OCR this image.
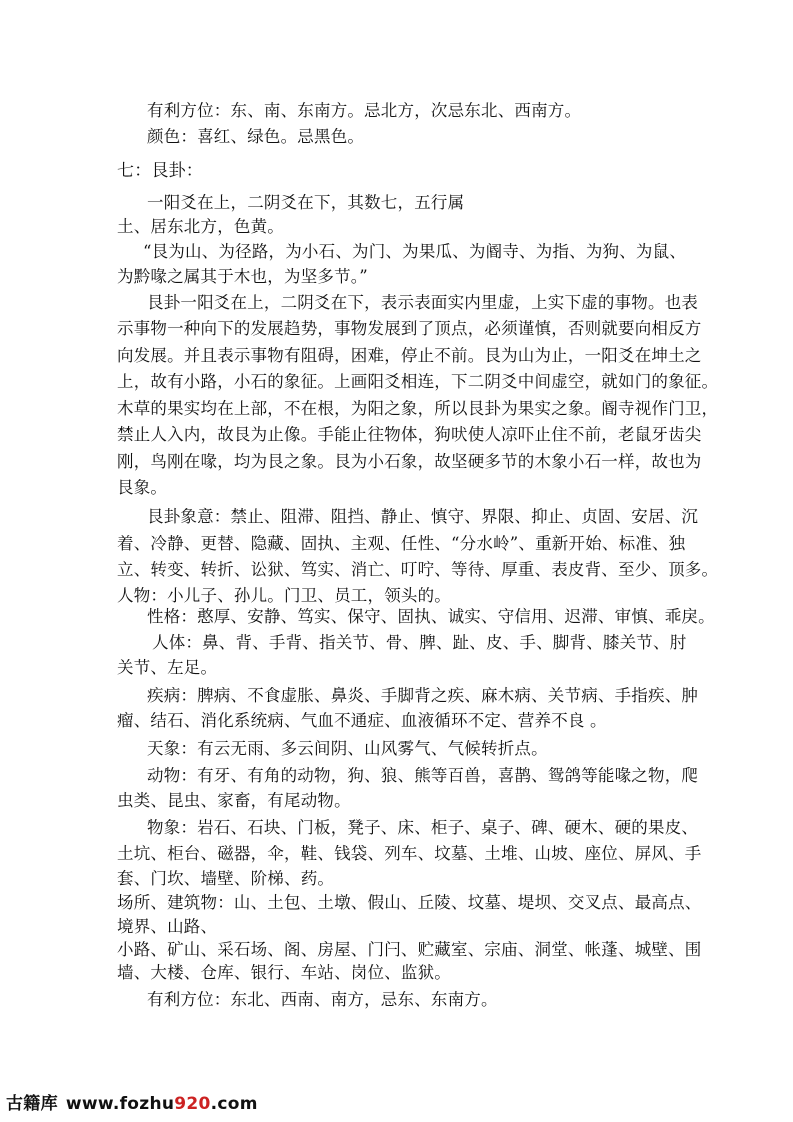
有利方位：东、南、东南方。忌北方，次忌东北、西南方。
颜色：喜红、绿色。忌黑色。
七：艮卦：
一阳爻在上，二阴爻在下，其数七，五行属
土、居东北方，色黄。
“艮为山、为径路，为小石、为门、为果瓜、为阍寺、为指、为狗、为鼠、
为黔喙之属其于木也，为坚多节。”
艮卦一阳爻在上，二阴爻在下，表示表面实内里虚，上实下虚的事物。也表
示事物一种向下的发展趋势，事物发展到了顶点，必须谨慎，否则就要向相反方
向发展。并且表示事物有阻碍，困难，停止不前。艮为山为止，一阳爻在坤土之
上，故有小路，小石的象征。上画阳爻相连，下二阴爻中间虚空，就如门的象征。
木草的果实均在上部，不在根，为阳之象，所以艮卦为果实之象。阍寺视作门卫，
禁止人入内，故艮为止像。手能止往物体，狗吠使人凉吓止住不前，老鼠牙齿尖
刚，鸟刚在喙，均为艮之象。艮为小石象，故坚硬多节的木象小石一样，故也为
艮象。
艮卦象意：禁止、阻滞、阻挡、静止、慎守、界限、抑止、贞固、安居、沉
着、冷静、更替、隐藏、固执、主观、任性、“分水岭”、重新开始、标准、独
立、转变、转折、讼狱、笃实、消亡、叮咛、等待、厚重、表皮背、至少、顶多。
人物：小儿子、孙儿。门卫、员工，领头的。
性格：憨厚、安静、笃实、保守、固执、诚实、守信用、迟滞、审慎、乖戾。
人体：鼻、背、手背、指关节、骨、脾、趾、皮、手、脚背、膝关节、肘
关节、左足。
疾病：脾病、不食虚胀、鼻炎、手脚背之疾、麻木病、关节病、手指疾、肿
瘤、结石、消化系统病、气血不通症、血液循环不定、营养不良 。
天象：有云无雨、多云间阴、山风雾气、气候转折点。
动物：有牙、有角的动物，狗、狼、熊等百兽，喜鹊、鸳鸽等能喙之物，爬
虫类、昆虫、家畜，有尾动物。
物象：岩石、石块、门板，凳子、床、柜子、桌子、碑、硬木、硬的果皮、
土坑、柜台、磁器，伞，鞋、钱袋、列车、坟墓、土堆、山坡、座位、屏风、手
套、门坎、墙壁、阶梯、药。
场所、建筑物：山、土包、土墩、假山、丘陵、坟墓、堤坝、交叉点、最高点、
境界、山路、
小路、矿山、采石场、阁、房屋、门闩、贮藏室、宗庙、洞堂、帐蓬、城壁、围
墙、大楼、仓库、银行、车站、岗位、监狱。
有利方位：东北、西南、南方，忌东、东南方。
古籍库 www.fozhu920.com
